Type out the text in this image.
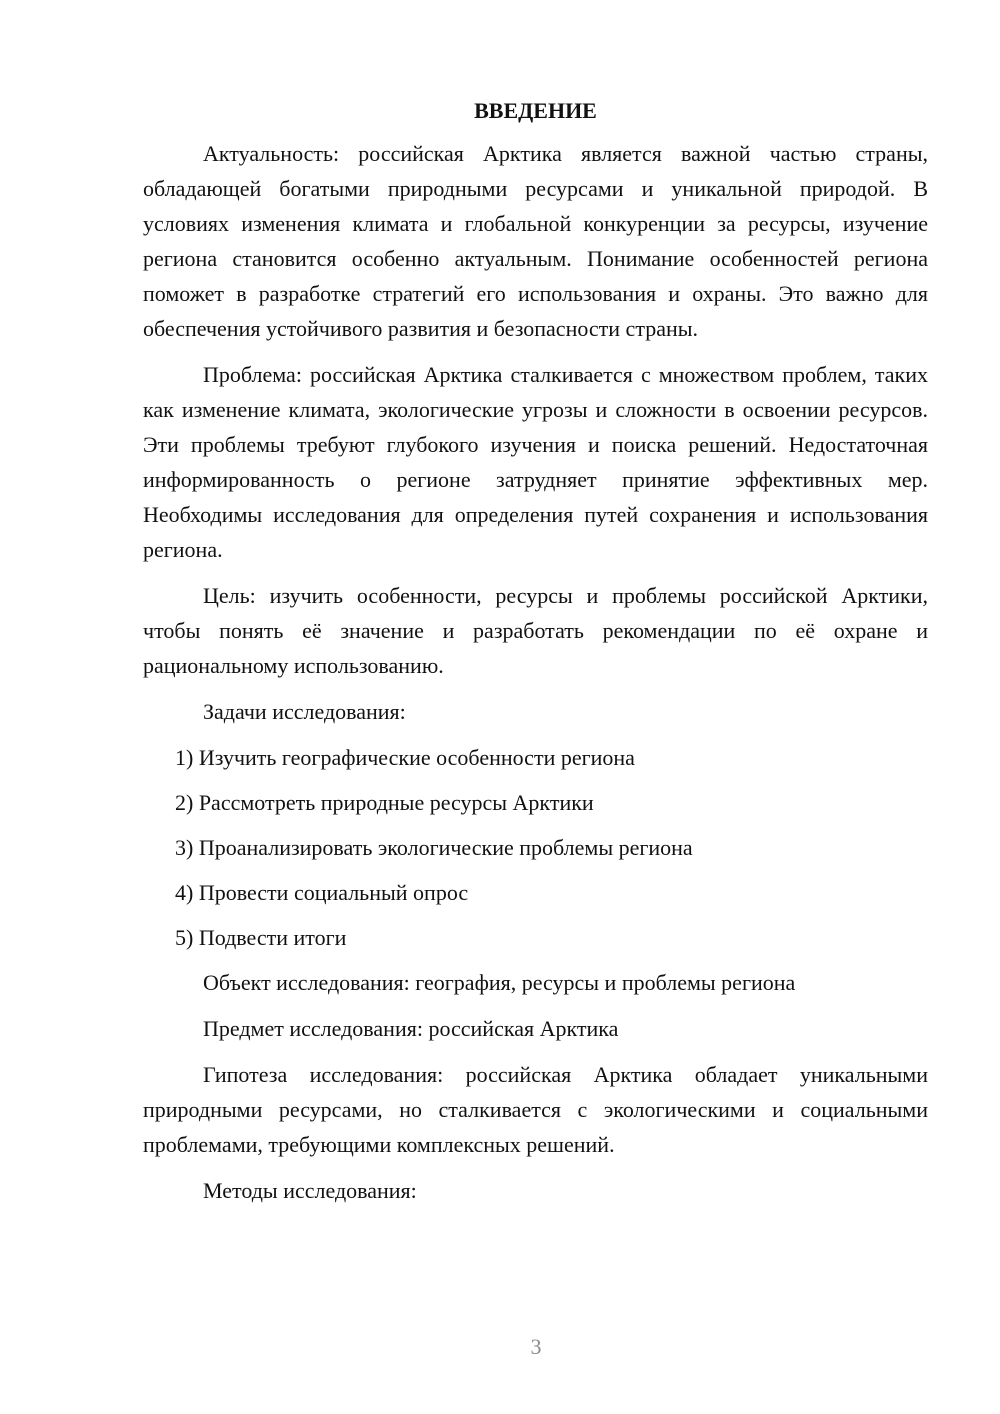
ВВЕДЕНИЕ

Актуальность: российская Арктика является важной частью страны, обладающей богатыми природными ресурсами и уникальной природой. В условиях изменения климата и глобальной конкуренции за ресурсы, изучение региона становится особенно актуальным. Понимание особенностей региона поможет в разработке стратегий его использования и охраны. Это важно для обеспечения устойчивого развития и безопасности страны.

Проблема: российская Арктика сталкивается с множеством проблем, таких как изменение климата, экологические угрозы и сложности в освоении ресурсов. Эти проблемы требуют глубокого изучения и поиска решений. Недостаточная информированность о регионе затрудняет принятие эффективных мер. Необходимы исследования для определения путей сохранения и использования региона.

Цель: изучить особенности, ресурсы и проблемы российской Арктики, чтобы понять её значение и разработать рекомендации по её охране и рациональному использованию.

Задачи исследования:

1) Изучить географические особенности региона

2) Рассмотреть природные ресурсы Арктики

3) Проанализировать экологические проблемы региона

4) Провести социальный опрос

5) Подвести итоги

Объект исследования: география, ресурсы и проблемы региона

Предмет исследования: российская Арктика

Гипотеза исследования: российская Арктика обладает уникальными природными ресурсами, но сталкивается с экологическими и социальными проблемами, требующими комплексных решений.

Методы исследования:

3
